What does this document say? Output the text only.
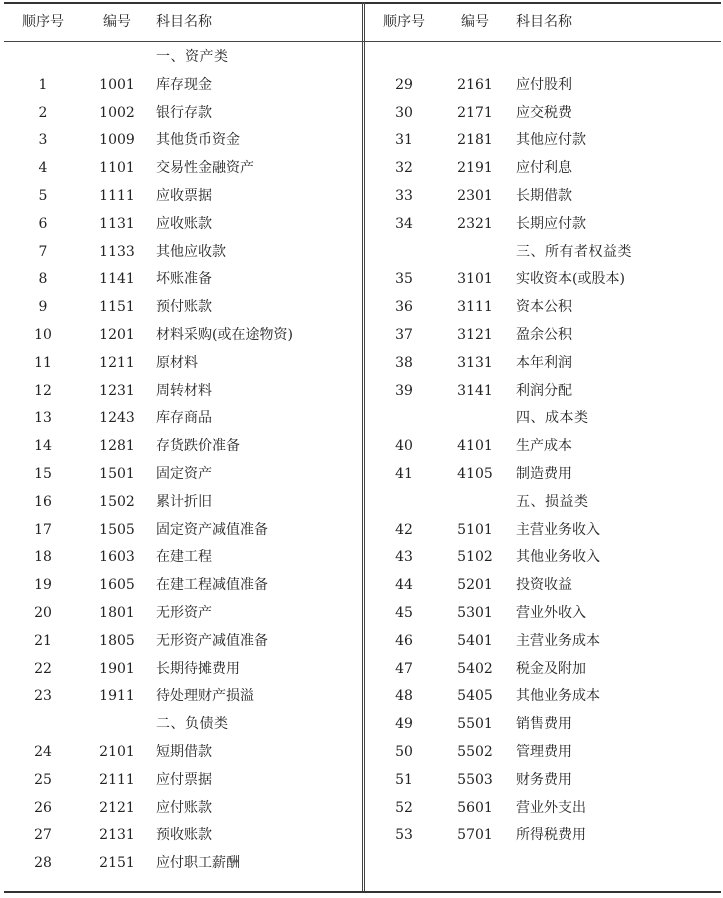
顺序号	编号	科目名称
一、资产类
1	1001	库存现金
2	1002	银行存款
3	1009	其他货币资金
4	1101	交易性金融资产
5	1111	应收票据
6	1131	应收账款
7	1133	其他应收款
8	1141	坏账准备
9	1151	预付账款
10	1201	材料采购(或在途物资)
11	1211	原材料
12	1231	周转材料
13	1243	库存商品
14	1281	存货跌价准备
15	1501	固定资产
16	1502	累计折旧
17	1505	固定资产减值准备
18	1603	在建工程
19	1605	在建工程减值准备
20	1801	无形资产
21	1805	无形资产减值准备
22	1901	长期待摊费用
23	1911	待处理财产损溢
二、负债类
24	2101	短期借款
25	2111	应付票据
26	2121	应付账款
27	2131	预收账款
28	2151	应付职工薪酬
顺序号	编号	科目名称
29	2161	应付股利
30	2171	应交税费
31	2181	其他应付款
32	2191	应付利息
33	2301	长期借款
34	2321	长期应付款
三、所有者权益类
35	3101	实收资本(或股本)
36	3111	资本公积
37	3121	盈余公积
38	3131	本年利润
39	3141	利润分配
四、成本类
40	4101	生产成本
41	4105	制造费用
五、损益类
42	5101	主营业务收入
43	5102	其他业务收入
44	5201	投资收益
45	5301	营业外收入
46	5401	主营业务成本
47	5402	税金及附加
48	5405	其他业务成本
49	5501	销售费用
50	5502	管理费用
51	5503	财务费用
52	5601	营业外支出
53	5701	所得税费用
